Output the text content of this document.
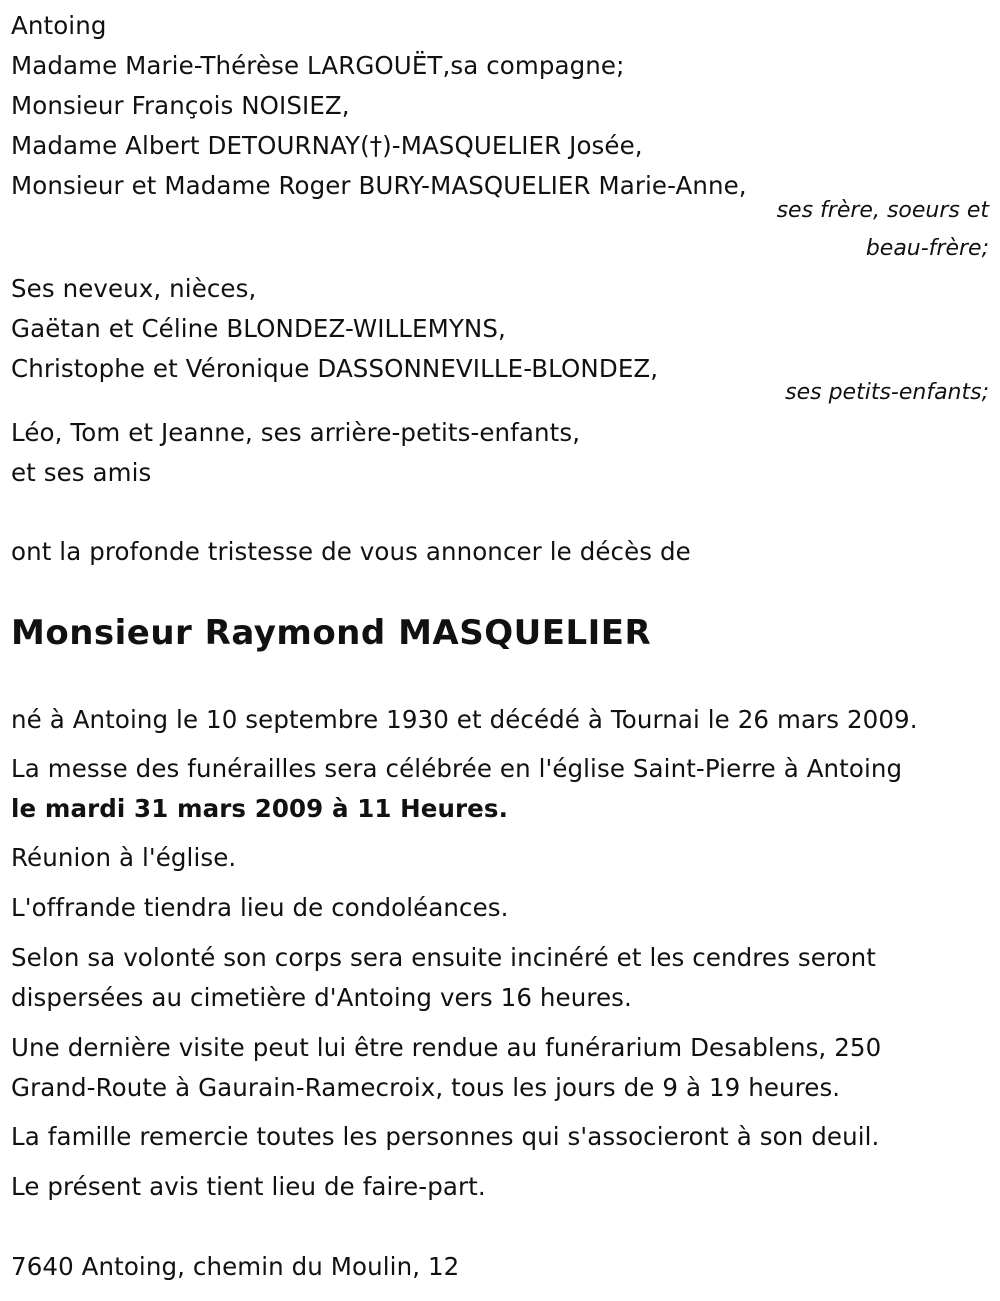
Antoing
Madame Marie-Thérèse LARGOUËT,sa compagne;
Monsieur François NOISIEZ,
Madame Albert DETOURNAY(†)-MASQUELIER Josée,
Monsieur et Madame Roger BURY-MASQUELIER Marie-Anne,
ses frère, soeurs et
beau-frère;
Ses neveux, nièces,
Gaëtan et Céline BLONDEZ-WILLEMYNS,
Christophe et Véronique DASSONNEVILLE-BLONDEZ,
ses petits-enfants;
Léo, Tom et Jeanne, ses arrière-petits-enfants,
et ses amis
ont la profonde tristesse de vous annoncer le décès de
Monsieur Raymond MASQUELIER
né à Antoing le 10 septembre 1930 et décédé à Tournai le 26 mars 2009.
La messe des funérailles sera célébrée en l'église Saint-Pierre à Antoing
le mardi 31 mars 2009 à 11 Heures.
Réunion à l'église.
L'offrande tiendra lieu de condoléances.
Selon sa volonté son corps sera ensuite incinéré et les cendres seront
dispersées au cimetière d'Antoing vers 16 heures.
Une dernière visite peut lui être rendue au funérarium Desablens, 250
Grand-Route à Gaurain-Ramecroix, tous les jours de 9 à 19 heures.
La famille remercie toutes les personnes qui s'associeront à son deuil.
Le présent avis tient lieu de faire-part.
7640 Antoing, chemin du Moulin, 12
